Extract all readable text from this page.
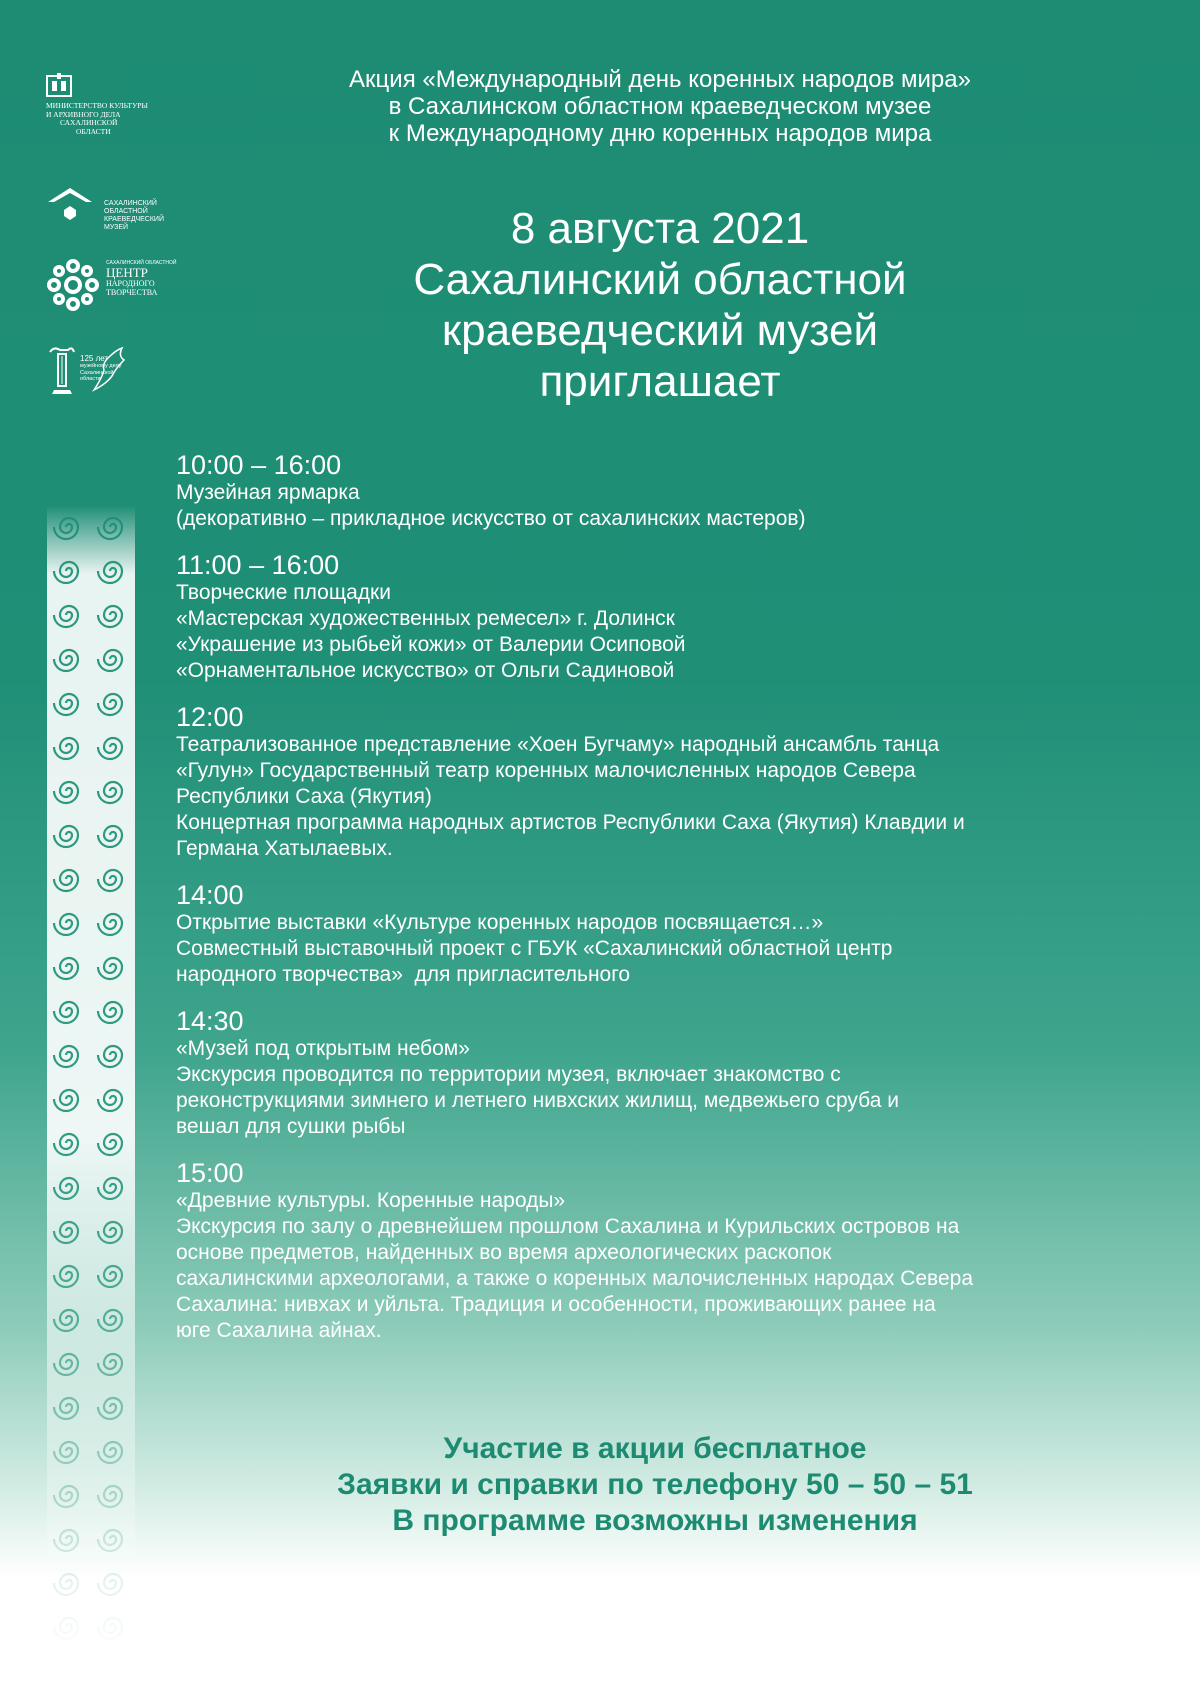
МИНИСТЕРСТВО КУЛЬТУРЫ
И АРХИВНОГО ДЕЛА
САХАЛИНСКОЙ
ОБЛАСТИ
САХАЛИНСКИЙ
ОБЛАСТНОЙ
КРАЕВЕДЧЕСКИЙ
МУЗЕЙ
САХАЛИНСКИЙ ОБЛАСТНОЙ
ЦЕНТР
НАРОДНОГО
ТВОРЧЕСТВА
125 лет
музейному делу
Сахалинской
области
Акция «Международный день коренных народов мира»
в Сахалинском областном краеведческом музее
к Международному дню коренных народов мира
8 августа 2021
Сахалинский областной
краеведческий музей
приглашает
10:00 – 16:00
Музейная ярмарка
(декоративно – прикладное искусство от сахалинских мастеров)
11:00 – 16:00
Творческие площадки
«Мастерская художественных ремесел» г. Долинск
«Украшение из рыбьей кожи» от Валерии Осиповой
«Орнаментальное искусство» от Ольги Садиновой
12:00
Театрализованное представление «Хоен Бугчаму» народный ансамбль танца
«Гулун» Государственный театр коренных малочисленных народов Севера
Республики Саха (Якутия)
Концертная программа народных артистов Республики Саха (Якутия) Клавдии и
Германа Хатылаевых.
14:00
Открытие выставки «Культуре коренных народов посвящается…»
Совместный выставочный проект с ГБУК «Сахалинский областной центр
народного творчества»  для пригласительного
14:30
«Музей под открытым небом»
Экскурсия проводится по территории музея, включает знакомство с
реконструкциями зимнего и летнего нивхских жилищ, медвежьего сруба и
вешал для сушки рыбы
15:00
«Древние культуры. Коренные народы»
Экскурсия по залу о древнейшем прошлом Сахалина и Курильских островов на
основе предметов, найденных во время археологических раскопок
сахалинскими археологами, а также о коренных малочисленных народах Севера
Сахалина: нивхах и уйльта. Традиция и особенности, проживающих ранее на
юге Сахалина айнах.
Участие в акции бесплатное
Заявки и справки по телефону 50 – 50 – 51
В программе возможны изменения
